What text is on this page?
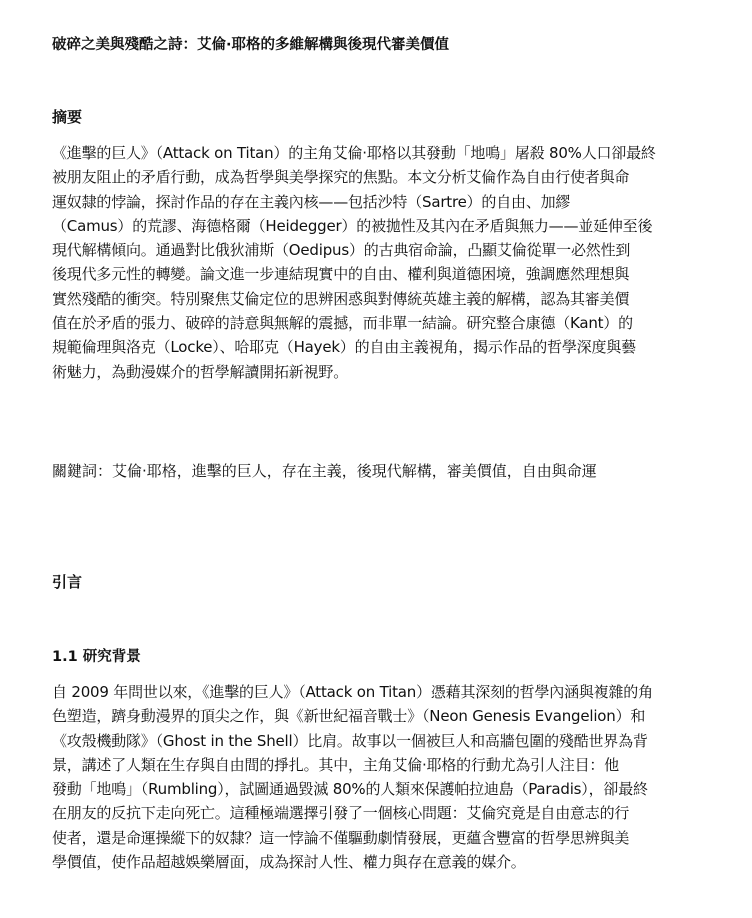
破碎之美與殘酷之詩：艾倫·耶格的多維解構與後現代審美價值
摘要
《進擊的巨人》（Attack on Titan）的主角艾倫·耶格以其發動「地鳴」屠殺 80%人口卻最終
被朋友阻止的矛盾行動，成為哲學與美學探究的焦點。本文分析艾倫作為自由行使者與命
運奴隸的悖論，探討作品的存在主義內核——包括沙特（Sartre）的自由、加繆
（Camus）的荒謬、海德格爾（Heidegger）的被拋性及其內在矛盾與無力——並延伸至後
現代解構傾向。通過對比俄狄浦斯（Oedipus）的古典宿命論，凸顯艾倫從單一必然性到
後現代多元性的轉變。論文進一步連結現實中的自由、權利與道德困境，強調應然理想與
實然殘酷的衝突。特別聚焦艾倫定位的思辨困惑與對傳統英雄主義的解構，認為其審美價
值在於矛盾的張力、破碎的詩意與無解的震撼，而非單一結論。研究整合康德（Kant）的
規範倫理與洛克（Locke）、哈耶克（Hayek）的自由主義視角，揭示作品的哲學深度與藝
術魅力，為動漫媒介的哲學解讀開拓新視野。
關鍵詞：艾倫·耶格，進擊的巨人，存在主義，後現代解構，審美價值，自由與命運
引言
1.1 研究背景
自 2009 年問世以來，《進擊的巨人》（Attack on Titan）憑藉其深刻的哲學內涵與複雜的角
色塑造，躋身動漫界的頂尖之作，與《新世紀福音戰士》（Neon Genesis Evangelion）和
《攻殼機動隊》（Ghost in the Shell）比肩。故事以一個被巨人和高牆包圍的殘酷世界為背
景，講述了人類在生存與自由間的掙扎。其中，主角艾倫·耶格的行動尤為引人注目：他
發動「地鳴」（Rumbling），試圖通過毀滅 80%的人類來保護帕拉迪島（Paradis），卻最終
在朋友的反抗下走向死亡。這種極端選擇引發了一個核心問題：艾倫究竟是自由意志的行
使者，還是命運操縱下的奴隸？這一悖論不僅驅動劇情發展，更蘊含豐富的哲學思辨與美
學價值，使作品超越娛樂層面，成為探討人性、權力與存在意義的媒介。
